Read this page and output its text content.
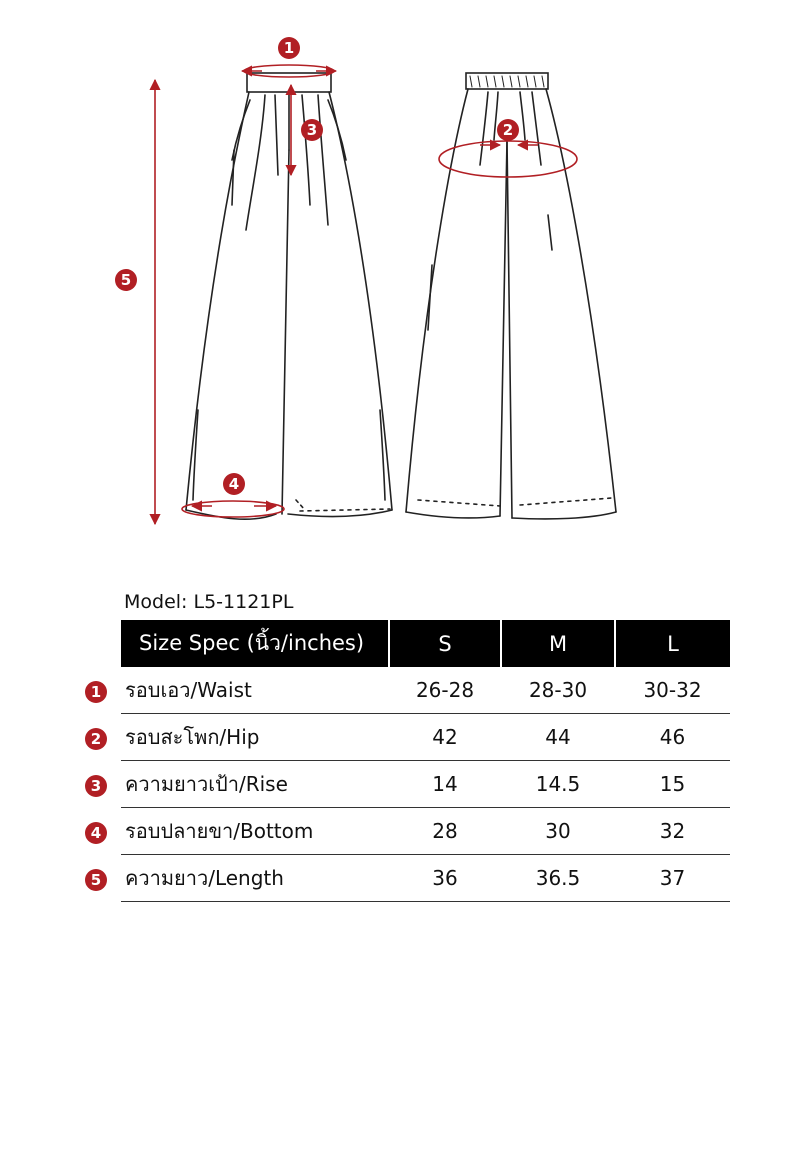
1
2
3
4
5
Model: L5-1121PL
Size Spec (นิ้ว/inches)	S	M	L
รอบเอว/Waist	26-28	28-30	30-32
รอบสะโพก/Hip	42	44	46
ความยาวเป้า/Rise	14	14.5	15
รอบปลายขา/Bottom	28	30	32
ความยาว/Length	36	36.5	37
1
2
3
4
5
